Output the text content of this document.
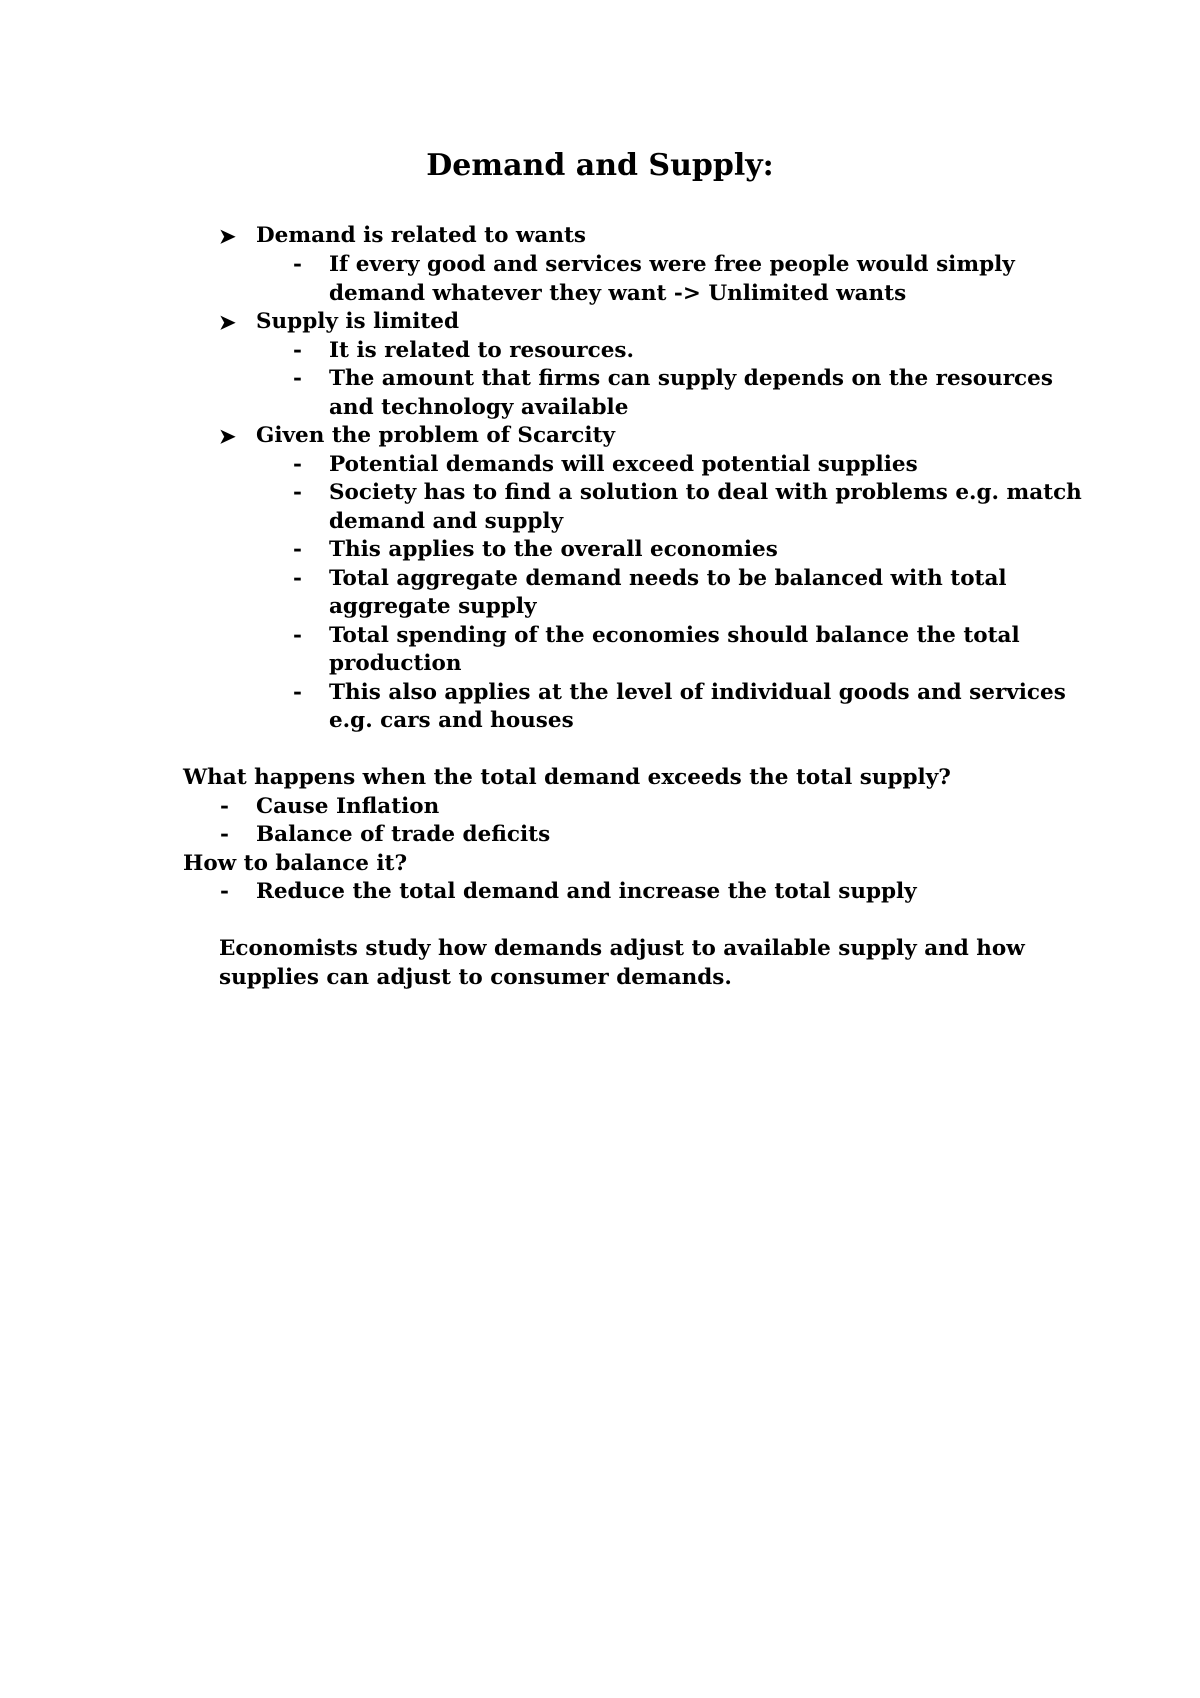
Demand and Supply:
➤ Demand is related to wants
- If every good and services were free people would simply
demand whatever they want -> Unlimited wants
➤ Supply is limited
- It is related to resources.
- The amount that firms can supply depends on the resources
and technology available
➤ Given the problem of Scarcity
- Potential demands will exceed potential supplies
- Society has to find a solution to deal with problems e.g. match
demand and supply
- This applies to the overall economies
- Total aggregate demand needs to be balanced with total
aggregate supply
- Total spending of the economies should balance the total
production
- This also applies at the level of individual goods and services
e.g. cars and houses
What happens when the total demand exceeds the total supply?
- Cause Inflation
- Balance of trade deficits
How to balance it?
- Reduce the total demand and increase the total supply
Economists study how demands adjust to available supply and how
supplies can adjust to consumer demands.
